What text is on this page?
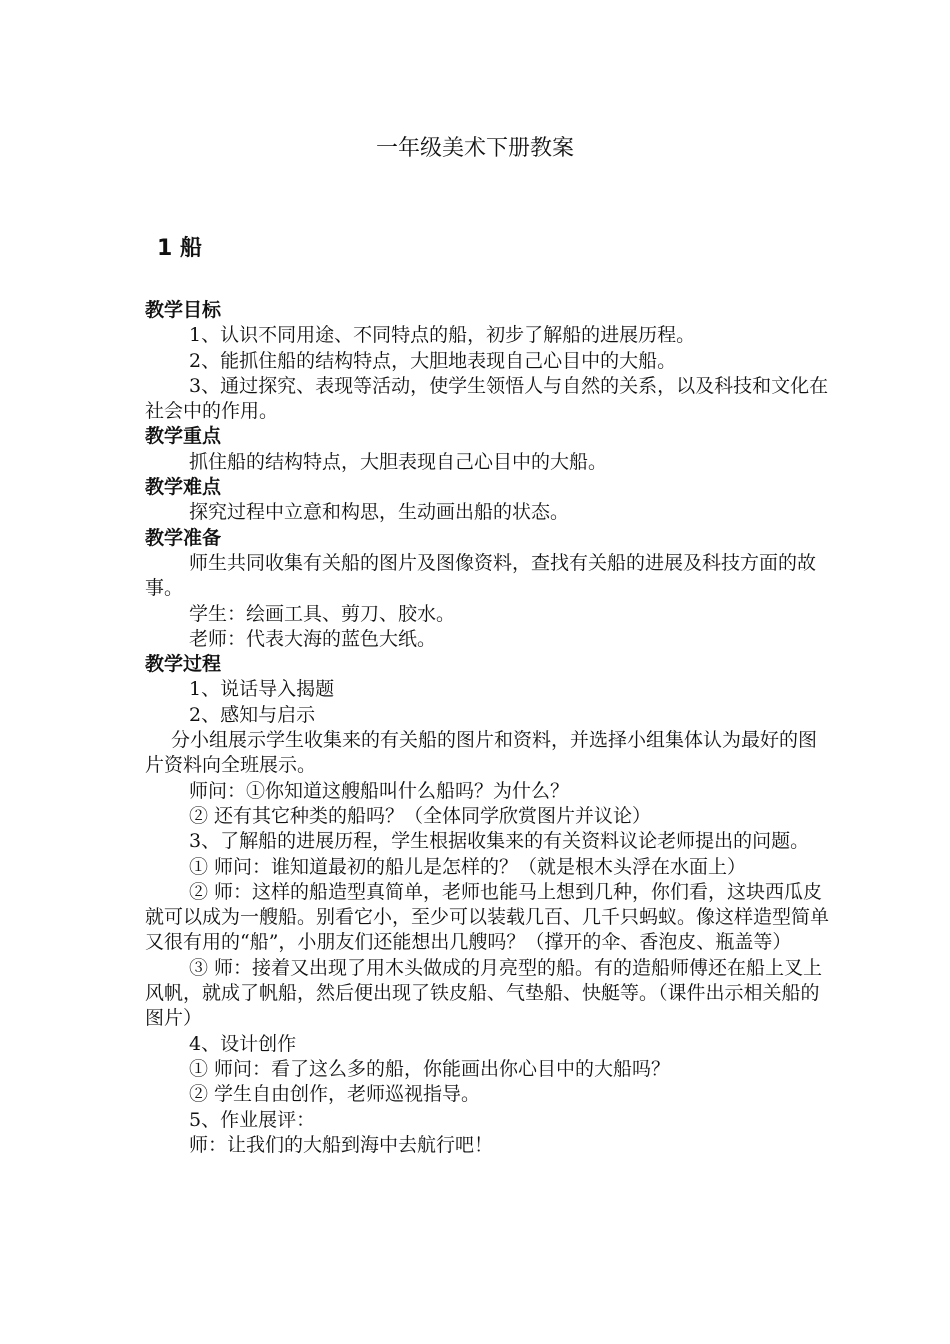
一年级美术下册教案
1 船

教学目标

1、认识不同用途、不同特点的船，初步了解船的进展历程。

2、能抓住船的结构特点，大胆地表现自己心目中的大船。

3、通过探究、表现等活动，使学生领悟人与自然的关系，以及科技和文化在社会中的作用。

教学重点

抓住船的结构特点，大胆表现自己心目中的大船。

教学难点

探究过程中立意和构思，生动画出船的状态。

教学准备

师生共同收集有关船的图片及图像资料，查找有关船的进展及科技方面的故事。

学生：绘画工具、剪刀、胶水。

老师：代表大海的蓝色大纸。

教学过程

1、说话导入揭题

2、感知与启示

分小组展示学生收集来的有关船的图片和资料，并选择小组集体认为最好的图片资料向全班展示。

师问：①你知道这艘船叫什么船吗？为什么？

② 还有其它种类的船吗？（全体同学欣赏图片并议论）

3、了解船的进展历程，学生根据收集来的有关资料议论老师提出的问题。

① 师问：谁知道最初的船儿是怎样的？（就是根木头浮在水面上）

② 师：这样的船造型真简单，老师也能马上想到几种，你们看，这块西瓜皮就可以成为一艘船。别看它小，至少可以装载几百、几千只蚂蚁。像这样造型简单又很有用的“船”，小朋友们还能想出几艘吗？（撑开的伞、香泡皮、瓶盖等）

③ 师：接着又出现了用木头做成的月亮型的船。有的造船师傅还在船上叉上风帆，就成了帆船，然后便出现了铁皮船、气垫船、快艇等。（课件出示相关船的图片）

4、设计创作

① 师问：看了这么多的船，你能画出你心目中的大船吗？

② 学生自由创作，老师巡视指导。

5、作业展评：

师：让我们的大船到海中去航行吧！
